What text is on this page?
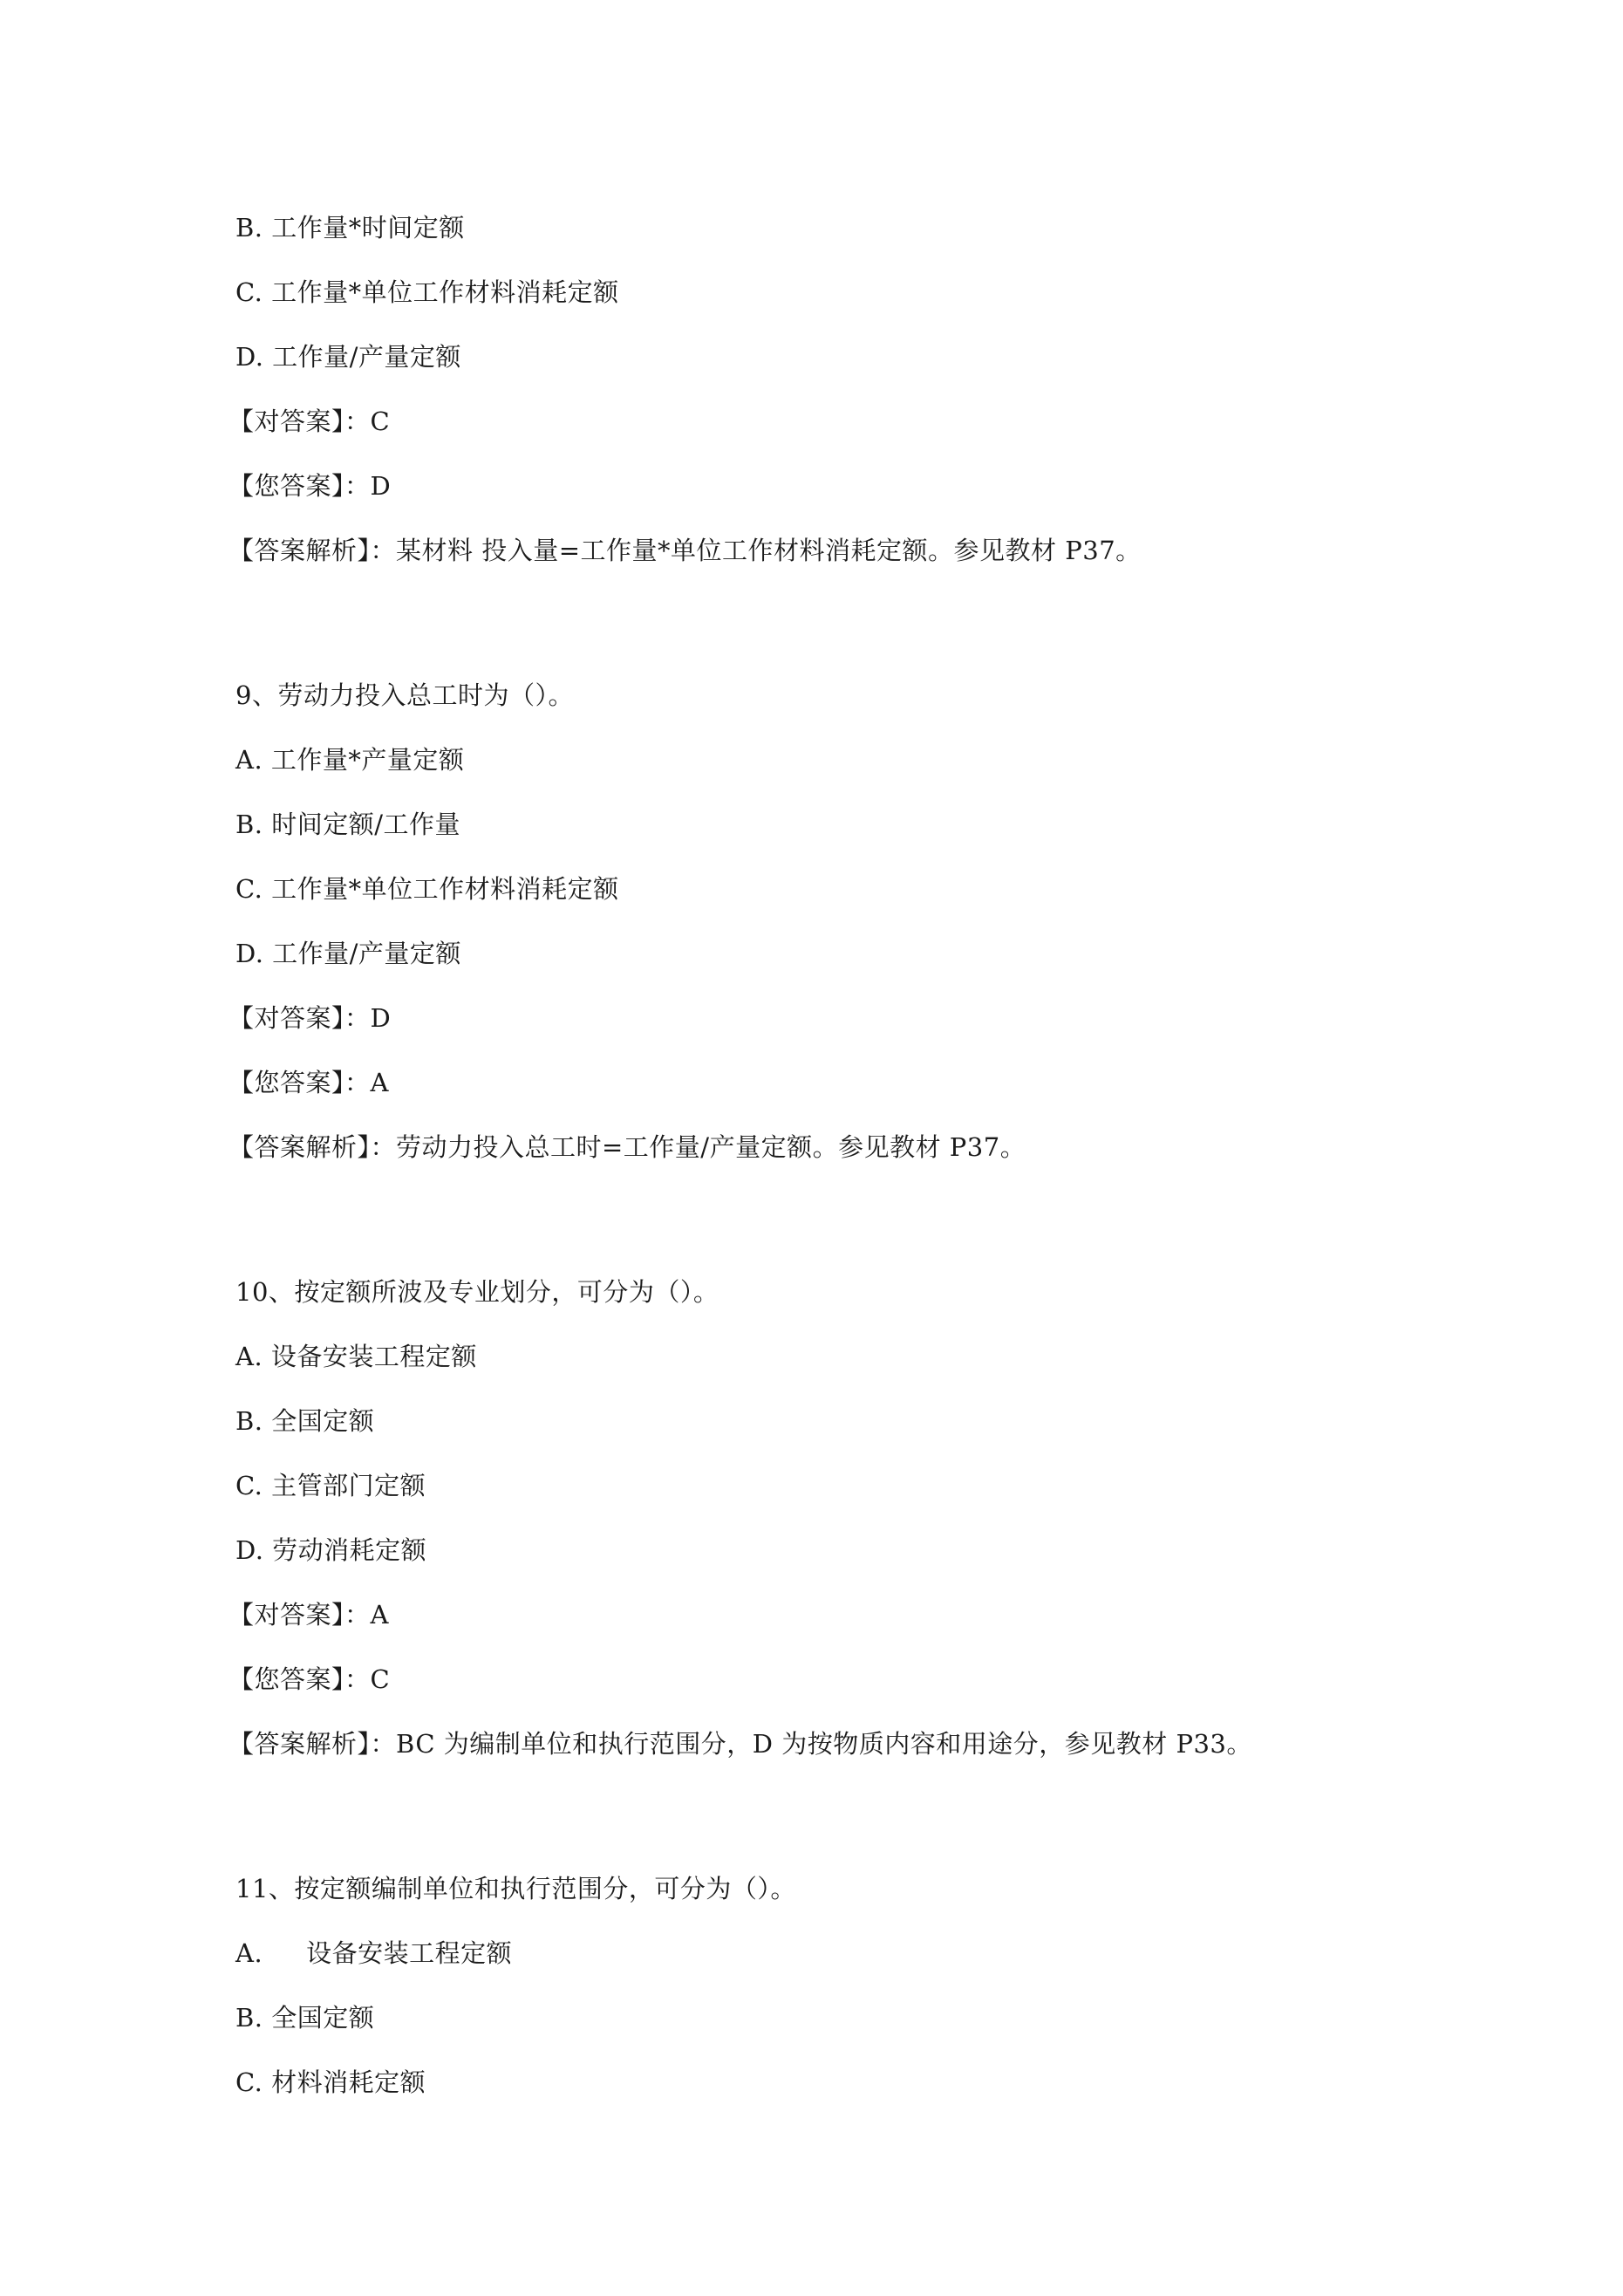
B. 工作量*时间定额
C. 工作量*单位工作材料消耗定额
D. 工作量/产量定额
【对答案】：C
【您答案】：D
【答案解析】：某材料 投入量=工作量*单位工作材料消耗定额。参见教材 P37。
9、劳动力投入总工时为（）。
A. 工作量*产量定额
B. 时间定额/工作量
C. 工作量*单位工作材料消耗定额
D. 工作量/产量定额
【对答案】：D
【您答案】：A
【答案解析】：劳动力投入总工时=工作量/产量定额。参见教材 P37。
10、按定额所波及专业划分，可分为（）。
A. 设备安装工程定额
B. 全国定额
C. 主管部门定额
D. 劳动消耗定额
【对答案】：A
【您答案】：C
【答案解析】：BC 为编制单位和执行范围分，D 为按物质内容和用途分，参见教材 P33。
11、按定额编制单位和执行范围分，可分为（）。
A. 设备安装工程定额
B. 全国定额
C. 材料消耗定额
